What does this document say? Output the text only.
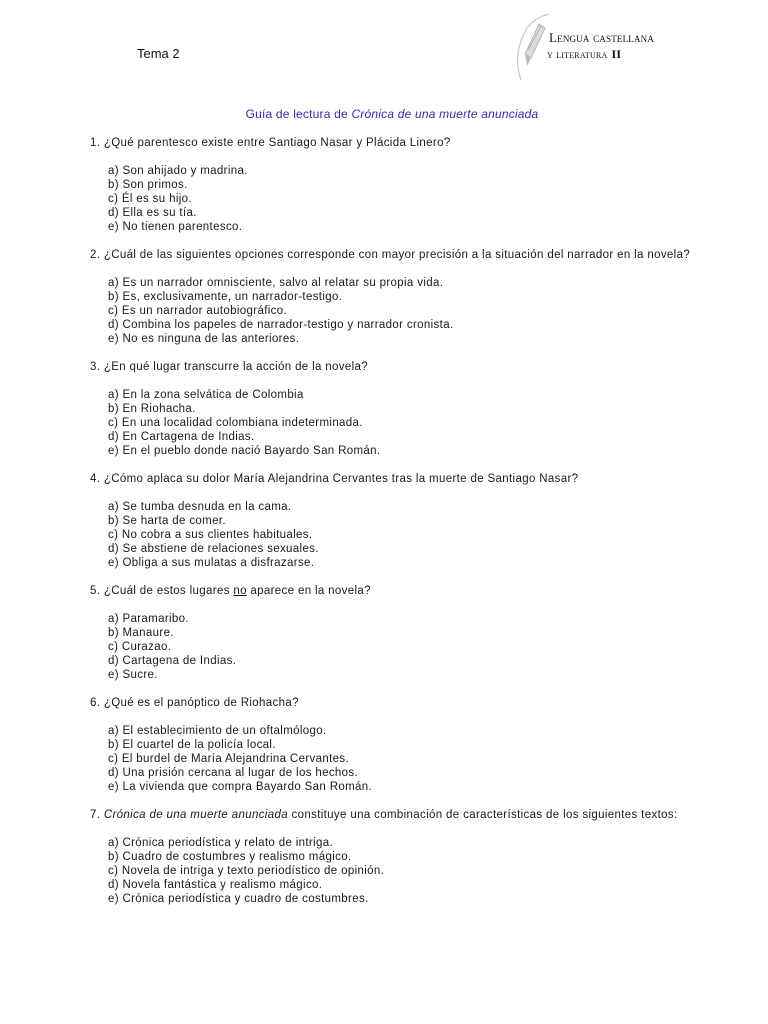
Tema 2
Lengua castellana
y literatura II
Guía de lectura de Crónica de una muerte anunciada

1. ¿Qué parentesco existe entre Santiago Nasar y Plácida Linero?

a) Son ahijado y madrina.
b) Son primos.
c) Él es su hijo.
d) Ella es su tía.
e) No tienen parentesco.

2. ¿Cuál de las siguientes opciones corresponde con mayor precisión a la situación del narrador en la novela?

a) Es un narrador omnisciente, salvo al relatar su propia vida.
b) Es, exclusivamente, un narrador-testigo.
c) Es un narrador autobiográfico.
d) Combina los papeles de narrador-testigo y narrador cronista.
e) No es ninguna de las anteriores.

3. ¿En qué lugar transcurre la acción de la novela?

a) En la zona selvática de Colombia
b) En Riohacha.
c) En una localidad colombiana indeterminada.
d) En Cartagena de Indias.
e) En el pueblo donde nació Bayardo San Román.

4. ¿Cómo aplaca su dolor María Alejandrina Cervantes tras la muerte de Santiago Nasar?

a) Se tumba desnuda en la cama.
b) Se harta de comer.
c) No cobra a sus clientes habituales.
d) Se abstiene de relaciones sexuales.
e) Obliga a sus mulatas a disfrazarse.

5. ¿Cuál de estos lugares no aparece en la novela?

a) Paramaribo.
b) Manaure.
c) Curazao.
d) Cartagena de Indias.
e) Sucre.

6. ¿Qué es el panóptico de Riohacha?

a) El establecimiento de un oftalmólogo.
b) El cuartel de la policía local.
c) El burdel de María Alejandrina Cervantes.
d) Una prisión cercana al lugar de los hechos.
e) La vivienda que compra Bayardo San Román.

7. Crónica de una muerte anunciada constituye una combinación de características de los siguientes textos:

a) Crónica periodística y relato de intriga.
b) Cuadro de costumbres y realismo mágico.
c) Novela de intriga y texto periodístico de opinión.
d) Novela fantástica y realismo mágico.
e) Crónica periodística y cuadro de costumbres.
